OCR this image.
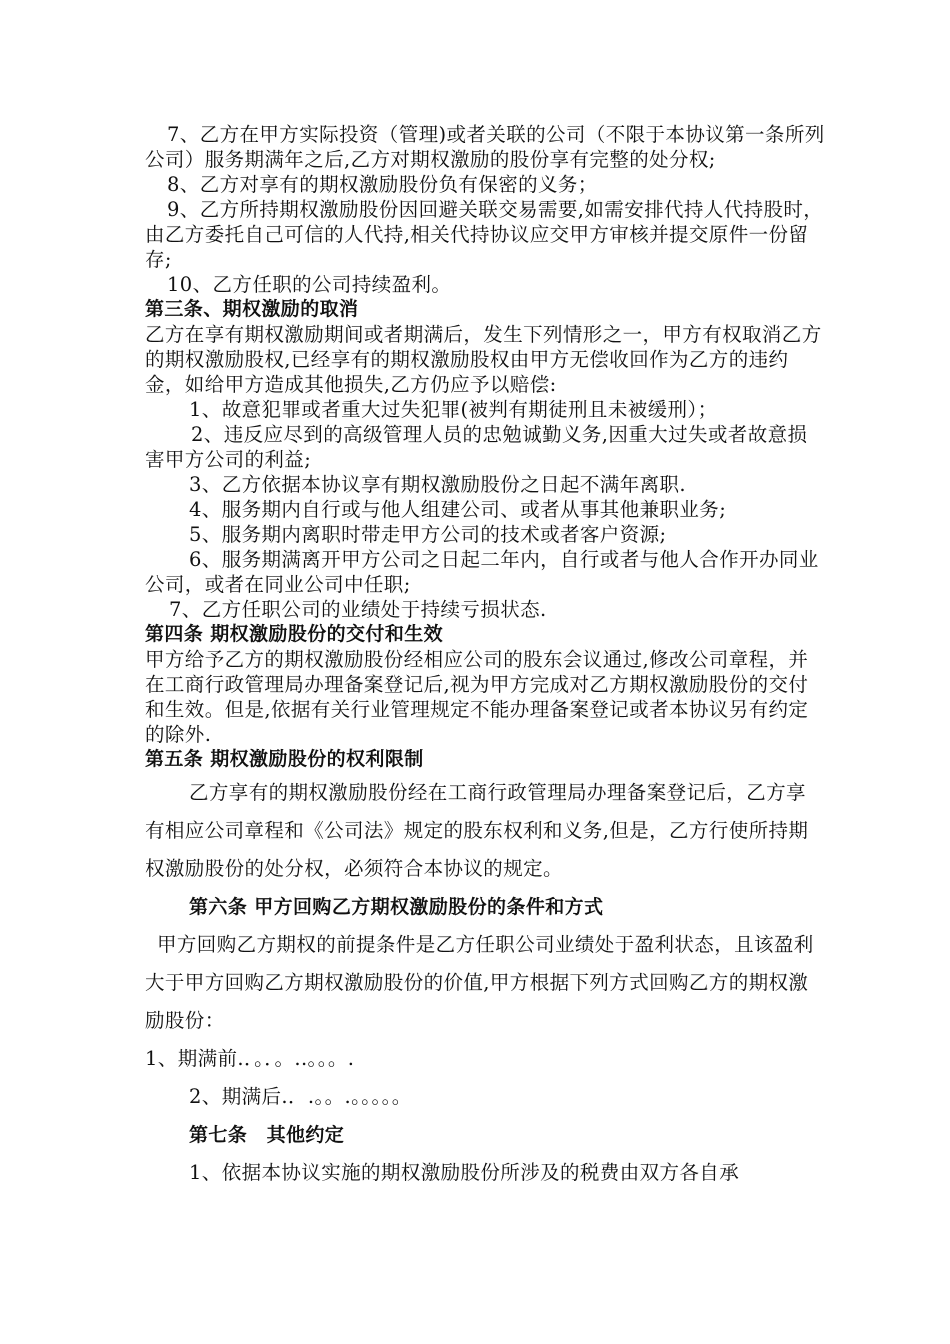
7、乙方在甲方实际投资（管理)或者关联的公司（不限于本协议第一条所列公司）服务期满年之后,乙方对期权激励的股份享有完整的处分权;

8、乙方对享有的期权激励股份负有保密的义务；

9、乙方所持期权激励股份因回避关联交易需要,如需安排代持人代持股时，由乙方委托自己可信的人代持,相关代持协议应交甲方审核并提交原件一份留存;

10、乙方任职的公司持续盈利。

第三条、期权激励的取消

乙方在享有期权激励期间或者期满后，发生下列情形之一，甲方有权取消乙方的期权激励股权,已经享有的期权激励股权由甲方无偿收回作为乙方的违约金，如给甲方造成其他损失,乙方仍应予以赔偿:

1、故意犯罪或者重大过失犯罪(被判有期徒刑且未被缓刑）；

2、违反应尽到的高级管理人员的忠勉诚勤义务,因重大过失或者故意损害甲方公司的利益;

3、乙方依据本协议享有期权激励股份之日起不满年离职.

4、服务期内自行或与他人组建公司、或者从事其他兼职业务;

5、服务期内离职时带走甲方公司的技术或者客户资源;

6、服务期满离开甲方公司之日起二年内，自行或者与他人合作开办同业公司，或者在同业公司中任职;

7、乙方任职公司的业绩处于持续亏损状态.

第四条 期权激励股份的交付和生效

甲方给予乙方的期权激励股份经相应公司的股东会议通过,修改公司章程，并在工商行政管理局办理备案登记后,视为甲方完成对乙方期权激励股份的交付和生效。但是,依据有关行业管理规定不能办理备案登记或者本协议另有约定的除外.

第五条 期权激励股份的权利限制

乙方享有的期权激励股份经在工商行政管理局办理备案登记后，乙方享有相应公司章程和《公司法》规定的股东权利和义务,但是，乙方行使所持期权激励股份的处分权，必须符合本协议的规定。

第六条 甲方回购乙方期权激励股份的条件和方式

甲方回购乙方期权的前提条件是乙方任职公司业绩处于盈利状态，且该盈利大于甲方回购乙方期权激励股份的价值,甲方根据下列方式回购乙方的期权激励股份：

1、期满前.．。．。..。。。.

2、期满后.．.。。.。。。。。

第七条　其他约定

1、依据本协议实施的期权激励股份所涉及的税费由双方各自承
